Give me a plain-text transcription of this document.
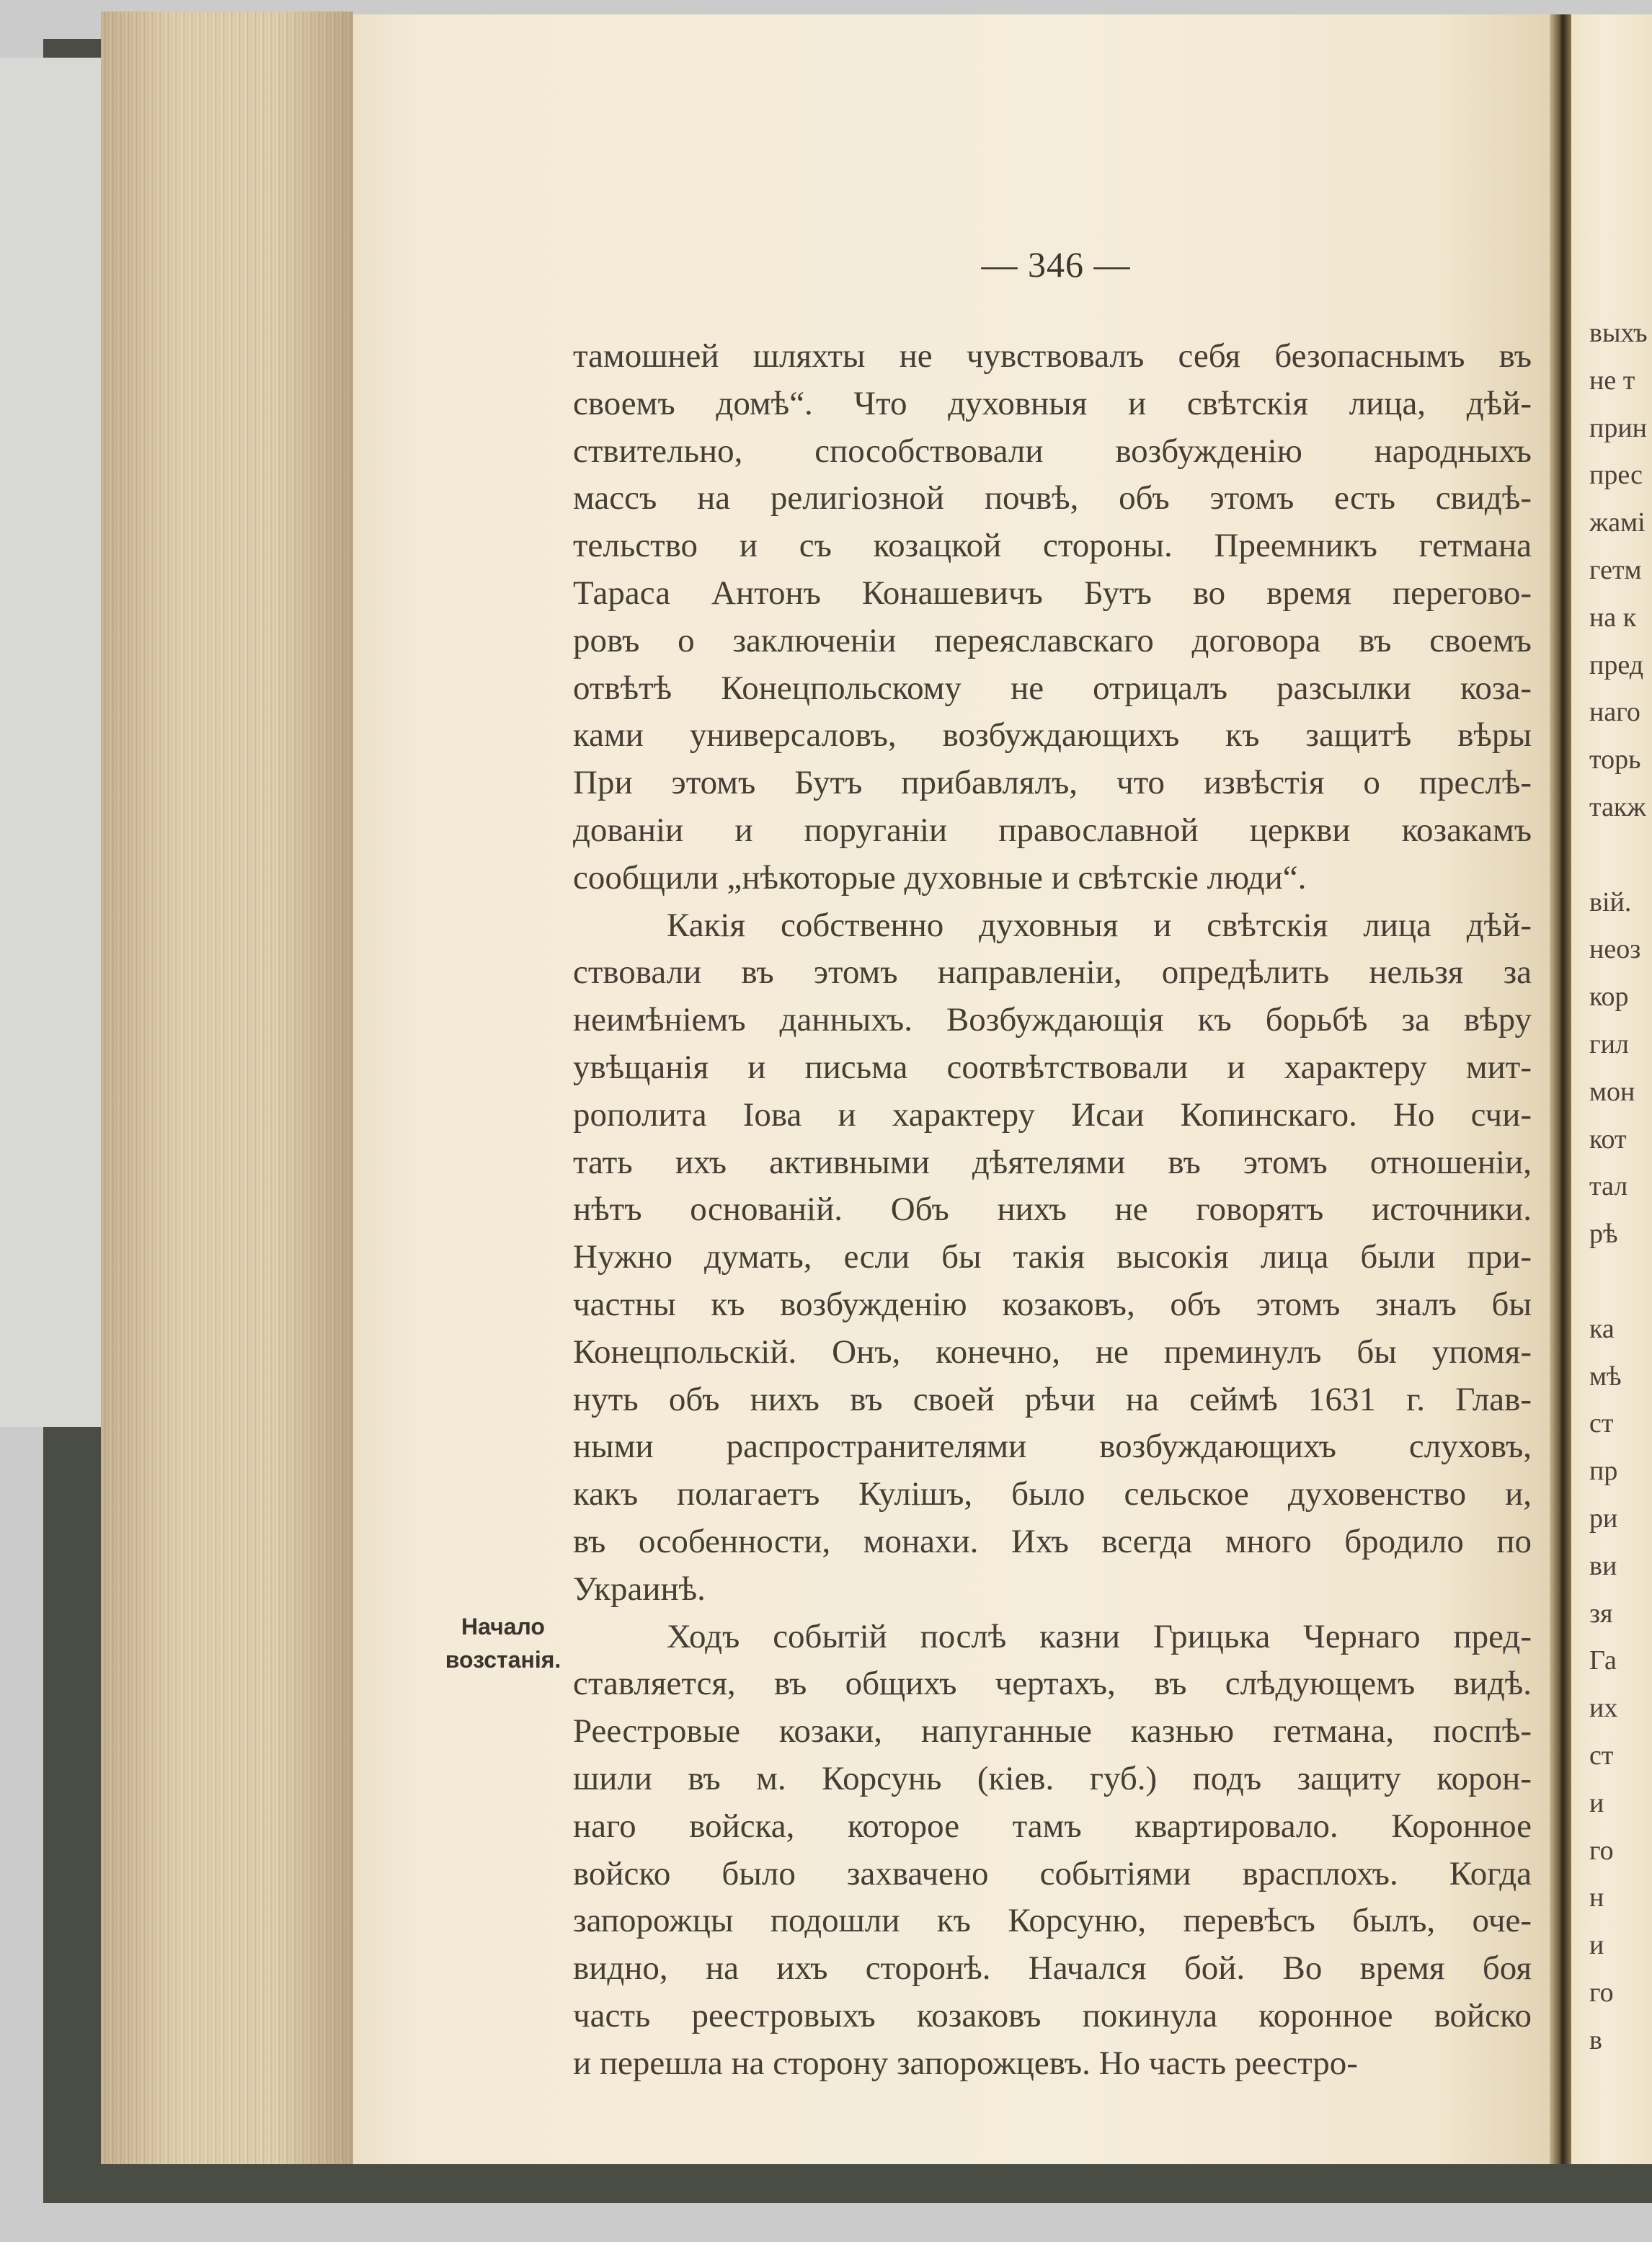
— 346 —
Начало
возстанія.
тамошней шляхты не чувствовалъ себя безопаснымъ въ
своемъ домѣ“. Что духовныя и свѣтскія лица, дѣй-
ствительно, способствовали возбужденію народныхъ
массъ на религіозной почвѣ, объ этомъ есть свидѣ-
тельство и съ козацкой стороны. Преемникъ гетмана
Тараса Антонъ Конашевичъ Бутъ во время перегово-
ровъ о заключеніи переяславскаго договора въ своемъ
отвѣтѣ Конецпольскому не отрицалъ разсылки коза-
ками универсаловъ, возбуждающихъ къ защитѣ вѣры
При этомъ Бутъ прибавлялъ, что извѣстія о преслѣ-
дованіи и поруганіи православной церкви козакамъ
сообщили „нѣкоторые духовные и свѣтскіе люди“.
Какія собственно духовныя и свѣтскія лица дѣй-
ствовали въ этомъ направленіи, опредѣлить нельзя за
неимѣніемъ данныхъ. Возбуждающія къ борьбѣ за вѣру
увѣщанія и письма соотвѣтствовали и характеру мит-
рополита Іова и характеру Исаи Копинскаго. Но счи-
тать ихъ активными дѣятелями въ этомъ отношеніи,
нѣтъ основаній. Объ нихъ не говорятъ источники.
Нужно думать, если бы такія высокія лица были при-
частны къ возбужденію козаковъ, объ этомъ зналъ бы
Конецпольскій. Онъ, конечно, не преминулъ бы упомя-
нуть объ нихъ въ своей рѣчи на сеймѣ 1631 г. Глав-
ными распространителями возбуждающихъ слуховъ,
какъ полагаетъ Кулішъ, было сельское духовенство и,
въ особенности, монахи. Ихъ всегда много бродило по
Украинѣ.
Ходъ событій послѣ казни Грицька Чернаго пред-
ставляется, въ общихъ чертахъ, въ слѣдующемъ видѣ.
Реестровые козаки, напуганные казнью гетмана, поспѣ-
шили въ м. Корсунь (кіев. губ.) подъ защиту корон-
наго войска, которое тамъ квартировало. Коронное
войско было захвачено событіями врасплохъ. Когда
запорожцы подошли къ Корсуню, перевѣсъ былъ, оче-
видно, на ихъ сторонѣ. Начался бой. Во время боя
часть реестровыхъ козаковъ покинула коронное войско
и перешла на сторону запорожцевъ. Но часть реестро-
выхъ
не т
прин
прес
жамі
гетм
на к
пред
наго
торь
такж
вій.
неоз
кор
гил
мон
кот
тал
рѣ
ка
мѣ
ст
пр
ри
ви
зя
Га
их
ст
и
го
н
и
го
в
